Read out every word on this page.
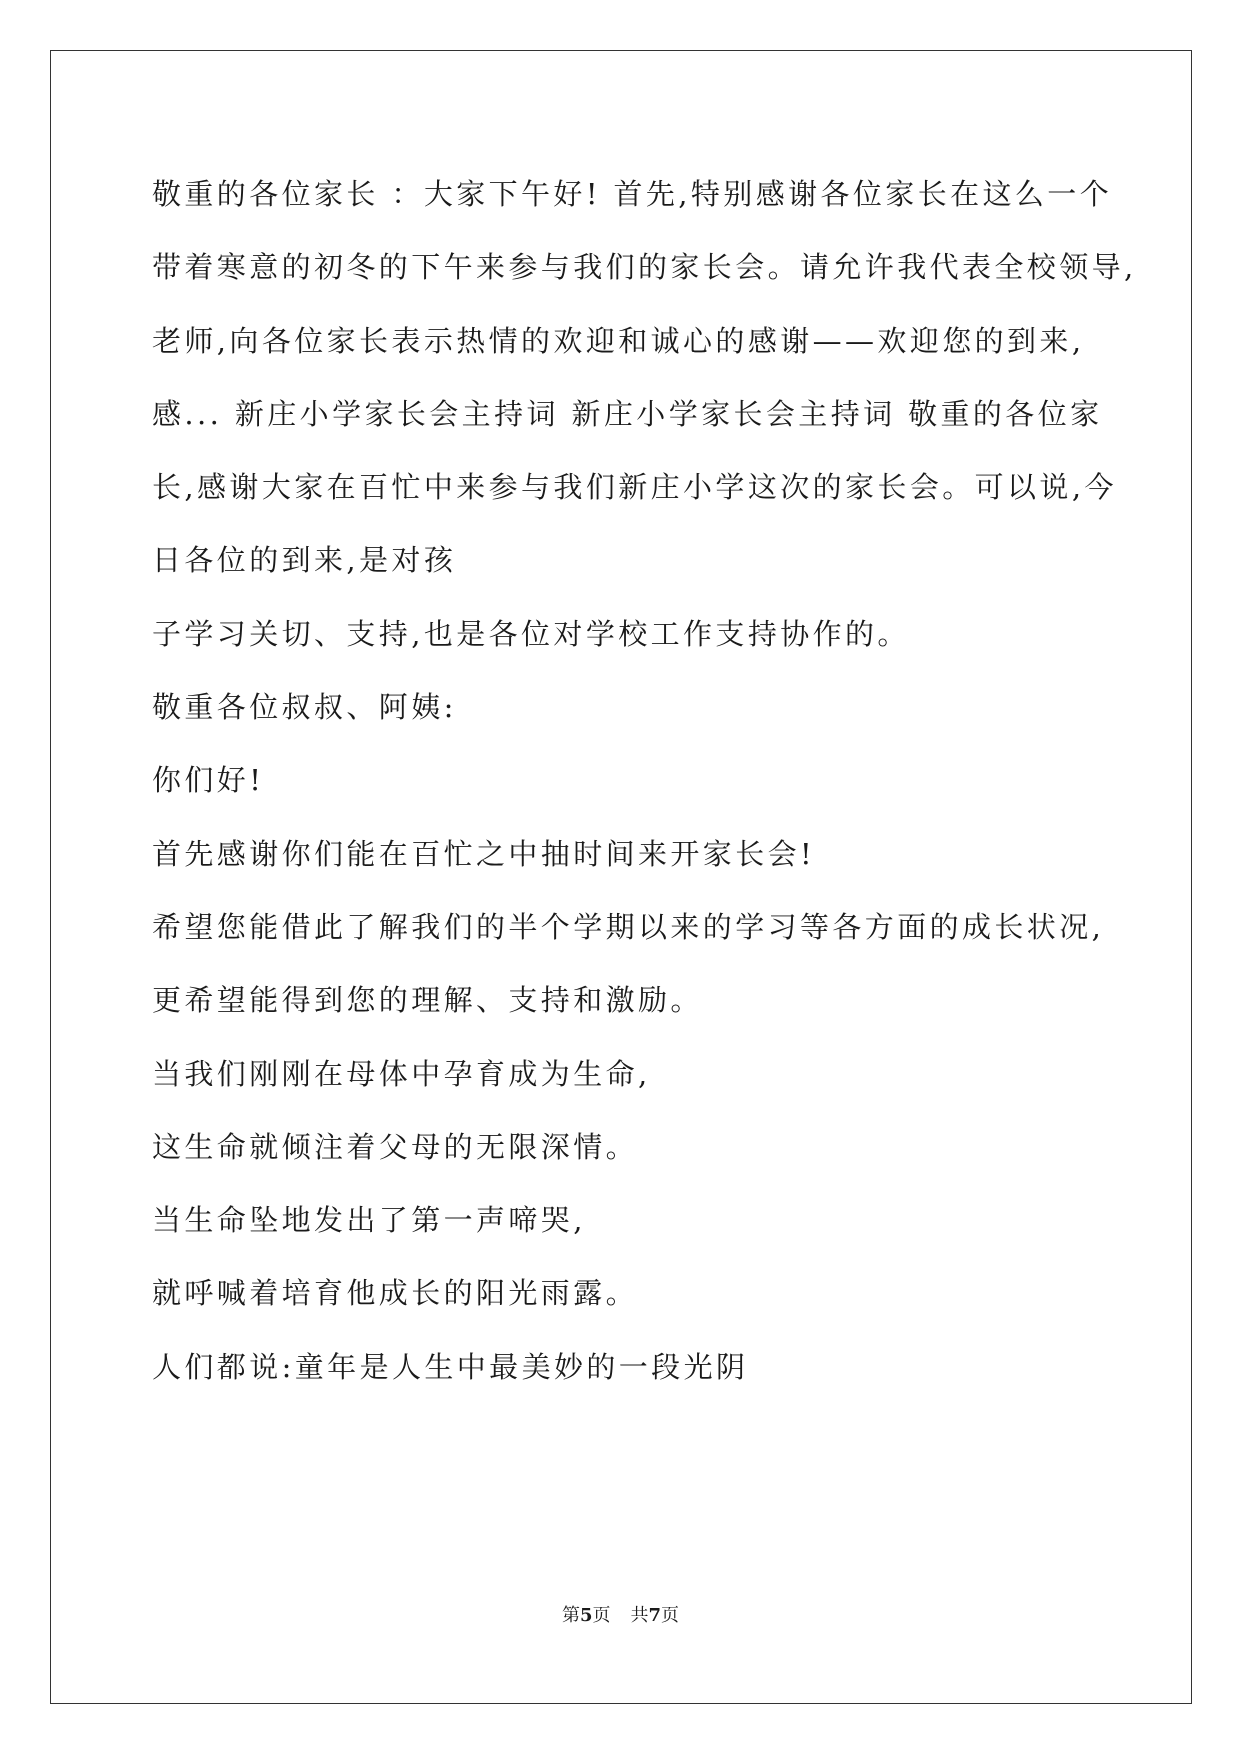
敬重的各位家长 ：大家下午好! 首先,特别感谢各位家长在这么一个
带着寒意的初冬的下午来参与我们的家长会。请允许我代表全校领导,
老师,向各位家长表示热情的欢迎和诚心的感谢——欢迎您的到来,
感... 新庄小学家长会主持词 新庄小学家长会主持词 敬重的各位家
长,感谢大家在百忙中来参与我们新庄小学这次的家长会。可以说,今
日各位的到来,是对孩
子学习关切、支持,也是各位对学校工作支持协作的。
敬重各位叔叔、阿姨:
你们好!
首先感谢你们能在百忙之中抽时间来开家长会!
希望您能借此了解我们的半个学期以来的学习等各方面的成长状况,
更希望能得到您的理解、支持和激励。
当我们刚刚在母体中孕育成为生命,
这生命就倾注着父母的无限深情。
当生命坠地发出了第一声啼哭,
就呼喊着培育他成长的阳光雨露。
人们都说:童年是人生中最美妙的一段光阴
第5页 共7页
